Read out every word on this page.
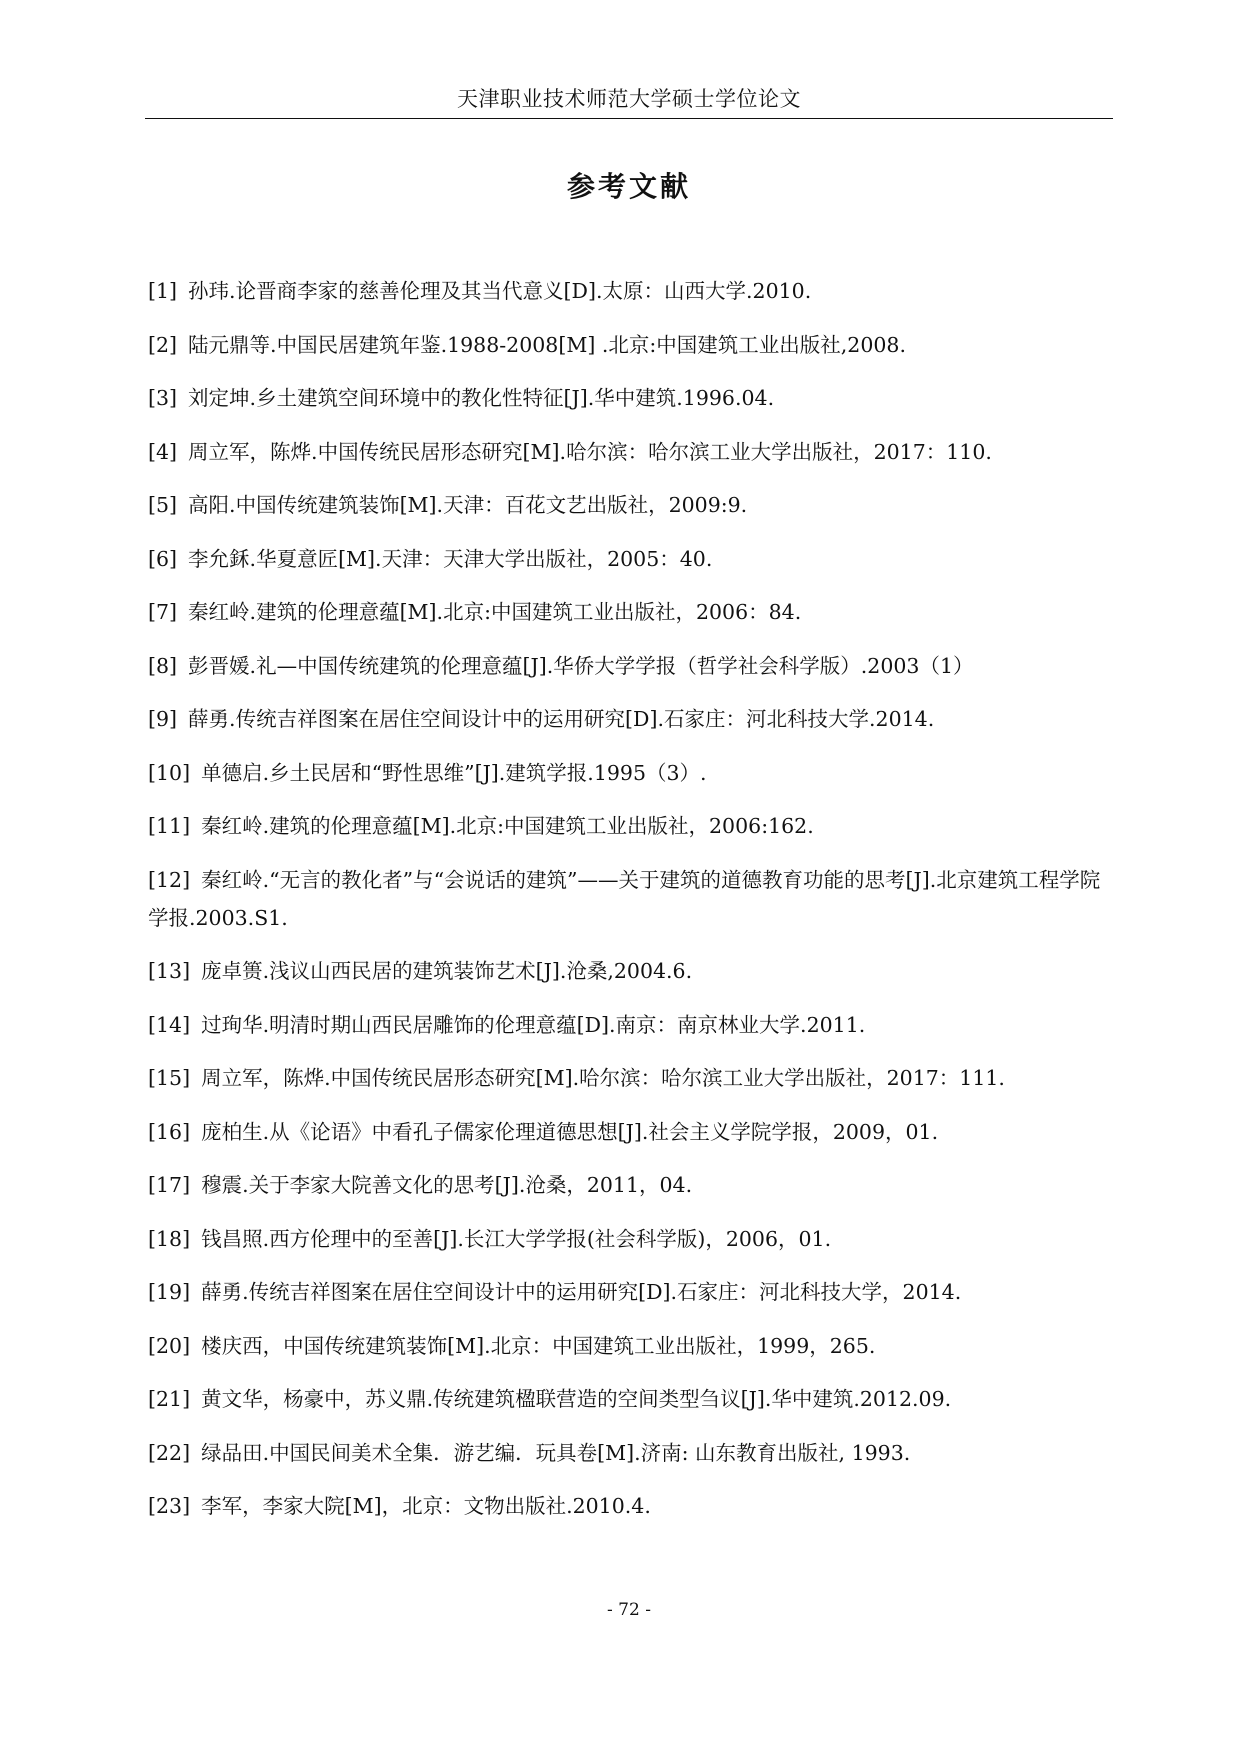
天津职业技术师范大学硕士学位论文
参考文献
[1] 孙玮.论晋商李家的慈善伦理及其当代意义[D].太原：山西大学.2010.
[2] 陆元鼎等.中国民居建筑年鉴.1988-2008[M] .北京:中国建筑工业出版社,2008.
[3] 刘定坤.乡土建筑空间环境中的教化性特征[J].华中建筑.1996.04.
[4] 周立军，陈烨.中国传统民居形态研究[M].哈尔滨：哈尔滨工业大学出版社，2017：110.
[5] 高阳.中国传统建筑装饰[M].天津：百花文艺出版社，2009:9.
[6] 李允鉌.华夏意匠[M].天津：天津大学出版社，2005：40.
[7] 秦红岭.建筑的伦理意蕴[M].北京:中国建筑工业出版社，2006：84.
[8] 彭晋媛.礼—中国传统建筑的伦理意蕴[J].华侨大学学报（哲学社会科学版）.2003（1）
[9] 薛勇.传统吉祥图案在居住空间设计中的运用研究[D].石家庄：河北科技大学.2014.
[10] 单德启.乡土民居和“野性思维”[J].建筑学报.1995（3）.
[11] 秦红岭.建筑的伦理意蕴[M].北京:中国建筑工业出版社，2006:162.
[12] 秦红岭.“无言的教化者”与“会说话的建筑”——关于建筑的道德教育功能的思考[J].北京建筑工程学院学报.2003.S1.
[13] 庞卓篑.浅议山西民居的建筑装饰艺术[J].沧桑,2004.6.
[14] 过珣华.明清时期山西民居雕饰的伦理意蕴[D].南京：南京林业大学.2011.
[15] 周立军，陈烨.中国传统民居形态研究[M].哈尔滨：哈尔滨工业大学出版社，2017：111.
[16] 庞柏生.从《论语》中看孔子儒家伦理道德思想[J].社会主义学院学报，2009，01.
[17] 穆震.关于李家大院善文化的思考[J].沧桑，2011，04.
[18] 钱昌照.西方伦理中的至善[J].长江大学学报(社会科学版)，2006，01.
[19] 薛勇.传统吉祥图案在居住空间设计中的运用研究[D].石家庄：河北科技大学，2014.
[20] 楼庆西，中国传统建筑装饰[M].北京：中国建筑工业出版社，1999，265.
[21] 黄文华，杨豪中，苏义鼎.传统建筑楹联营造的空间类型刍议[J].华中建筑.2012.09.
[22] 绿品田.中国民间美术全集．游艺编．玩具卷[M].济南: 山东教育出版社, 1993.
[23] 李军，李家大院[M]，北京：文物出版社.2010.4.
- 72 -
